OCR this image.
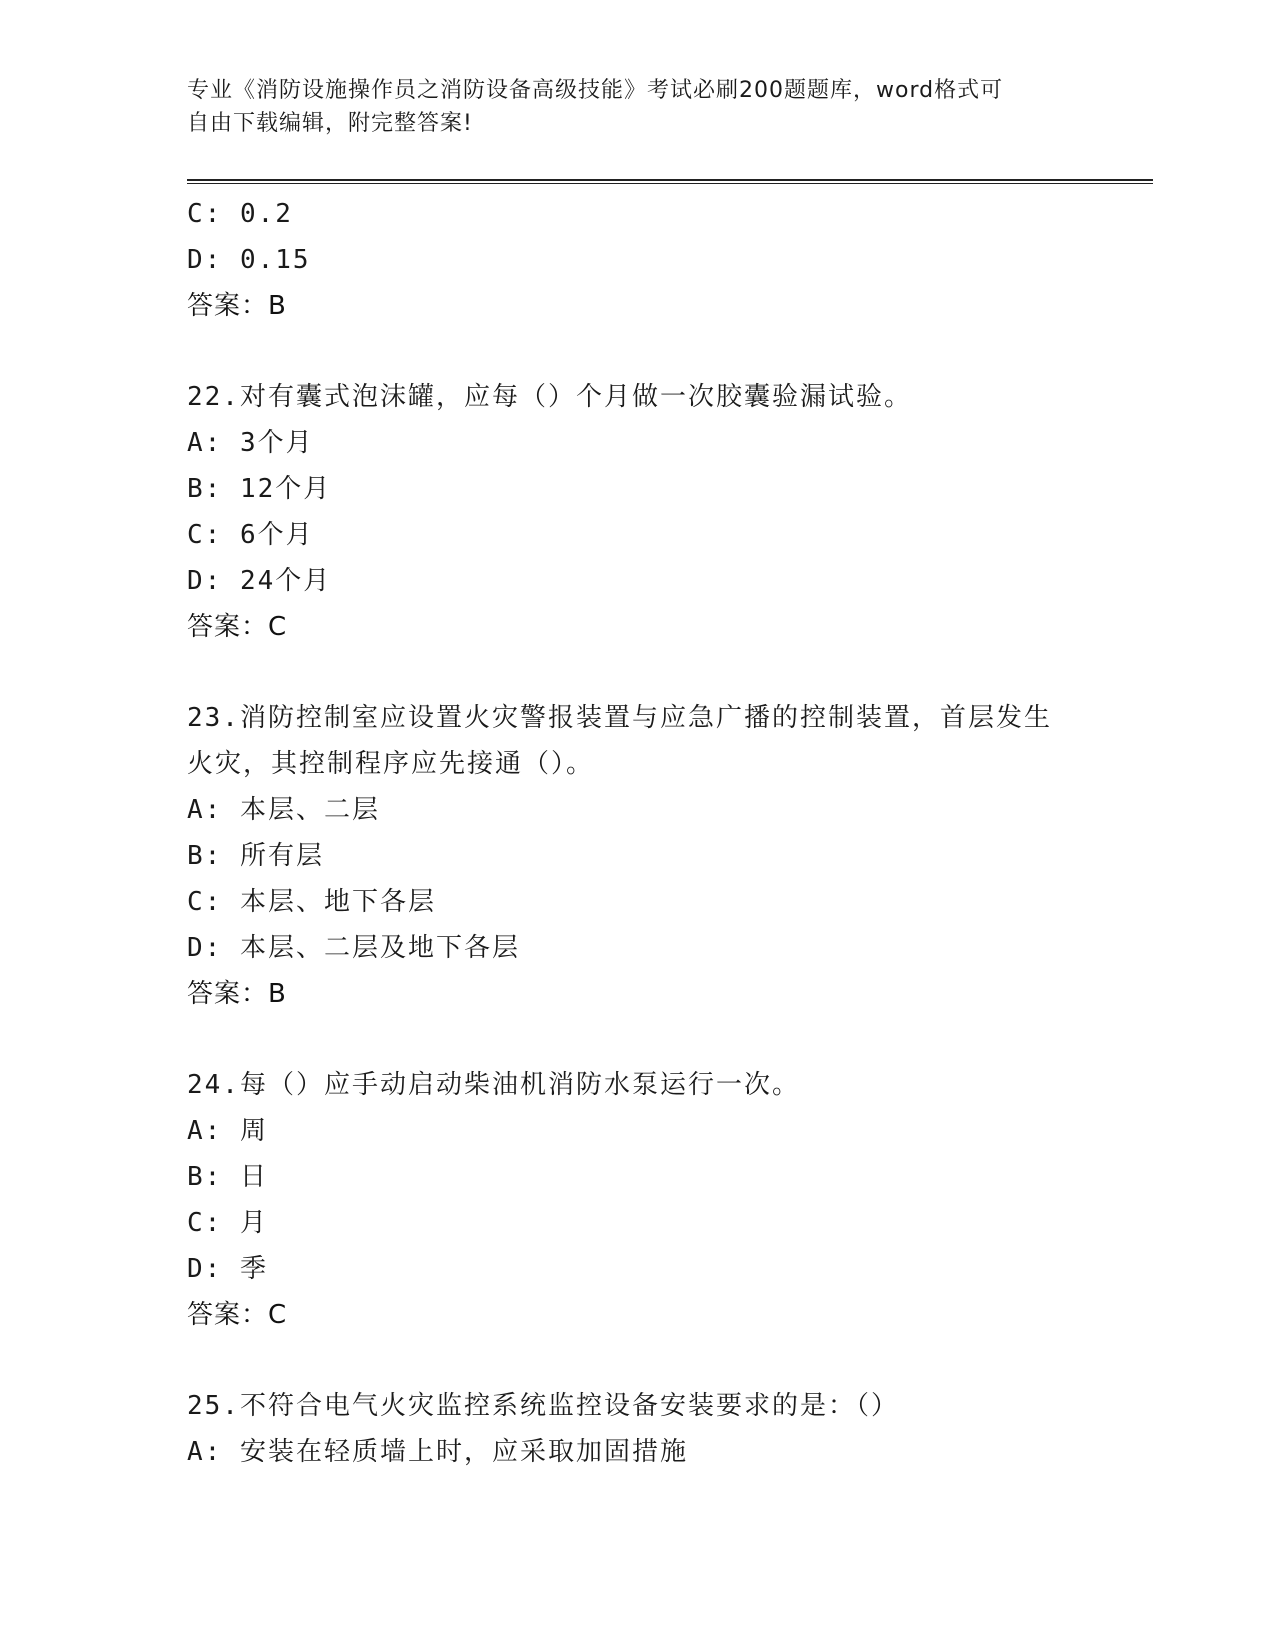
专业《消防设施操作员之消防设备高级技能》考试必刷200题题库，word格式可
自由下载编辑，附完整答案!
C: 0.2
D: 0.15
答案：B
22.对有囊式泡沫罐，应每（）个月做一次胶囊验漏试验。
A: 3个月
B: 12个月
C: 6个月
D: 24个月
答案：C
23.消防控制室应设置火灾警报装置与应急广播的控制装置，首层发生
火灾，其控制程序应先接通（）。
A: 本层、二层
B: 所有层
C: 本层、地下各层
D: 本层、二层及地下各层
答案：B
24.每（）应手动启动柴油机消防水泵运行一次。
A: 周
B: 日
C: 月
D: 季
答案：C
25.不符合电气火灾监控系统监控设备安装要求的是：（）
A: 安装在轻质墙上时，应采取加固措施
